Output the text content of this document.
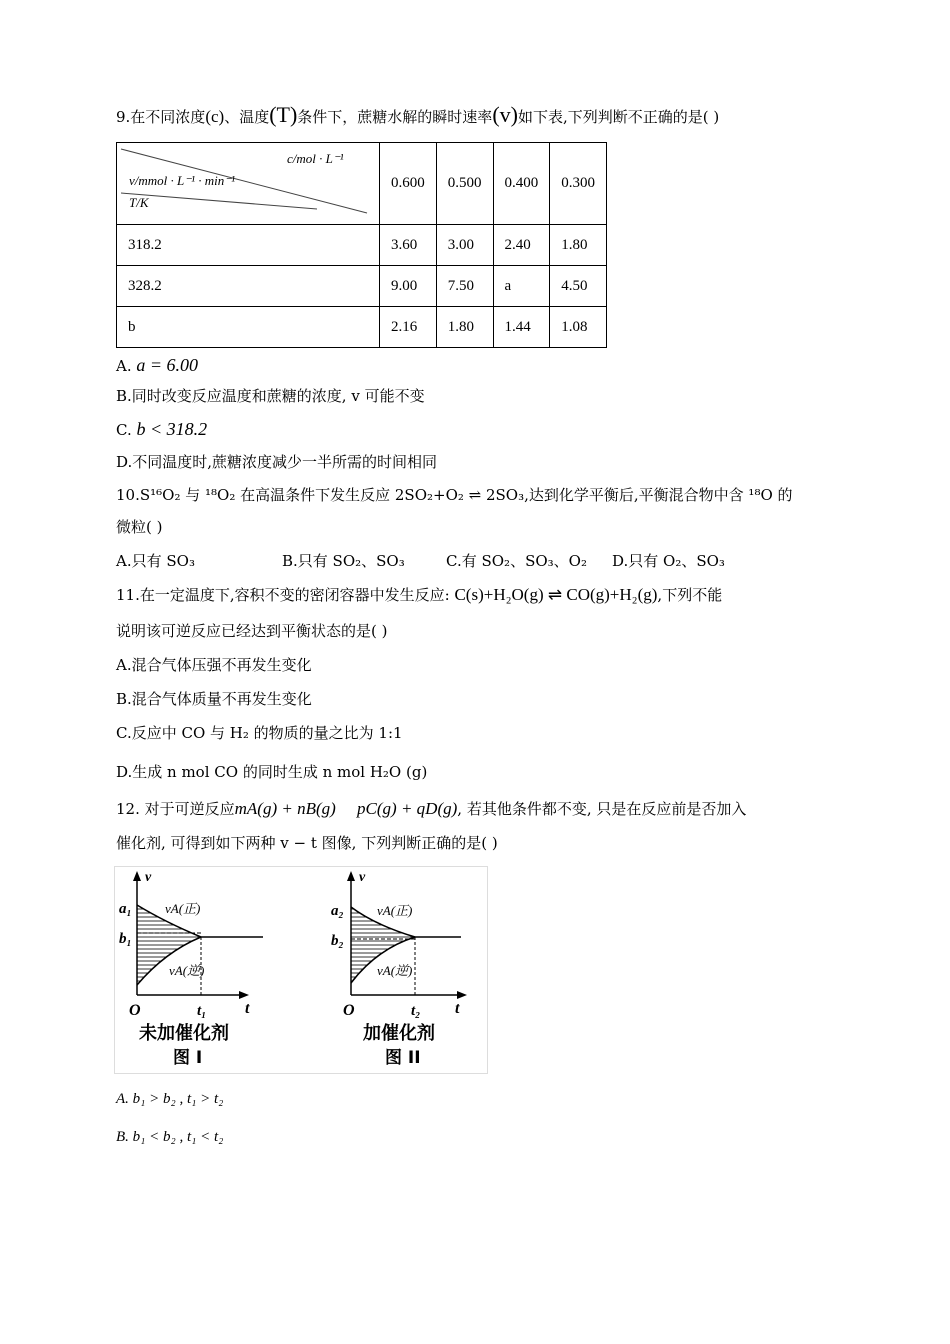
9.在不同浓度(c)、温度(T)条件下，蔗糖水解的瞬时速率(v)如下表,下列判断不正确的是( )
c/mol · L⁻¹
v/mmol · L⁻¹ · min⁻¹
T/K	0.600	0.500	0.400	0.300
318.2	3.60	3.00	2.40	1.80
328.2	9.00	7.50	a	4.50
b	2.16	1.80	1.44	1.08
A. a = 6.00
B.同时改变反应温度和蔗糖的浓度, v 可能不变
C. b < 318.2
D.不同温度时,蔗糖浓度减少一半所需的时间相同
10.S¹⁶O₂ 与 ¹⁸O₂ 在高温条件下发生反应 2SO₂+O₂ ⇌ 2SO₃,达到化学平衡后,平衡混合物中含 ¹⁸O 的
微粒( )
A.只有 SO₃	B.只有 SO₂、SO₃	C.有 SO₂、SO₃、O₂ D.只有 O₂、SO₃
11.在一定温度下,容积不变的密闭容器中发生反应: C(s)+H₂O(g) ⇌ CO(g)+H₂(g),下列不能
说明该可逆反应已经达到平衡状态的是( )
A.混合气体压强不再发生变化
B.混合气体质量不再发生变化
C.反应中 CO 与 H₂ 的物质的量之比为 1:1
D.生成 n mol CO 的同时生成 n mol H₂O (g)
12. 对于可逆反应mA(g) + nB(g)     pC(g) + qD(g), 若其他条件都不变, 只是在反应前是否加入
催化剂, 可得到如下两种 v − t 图像, 下列判断正确的是( )
v
t
O
a₁
b₁
t₁
vA(正)
vA(逆)
未加催化剂
图 I
v
t
O
a₂
b₂
t₂
vA(正)
vA(逆)
加催化剂
图 II
A. b₁ > b₂ , t₁ > t₂
B. b₁ < b₂ , t₁ < t₂
